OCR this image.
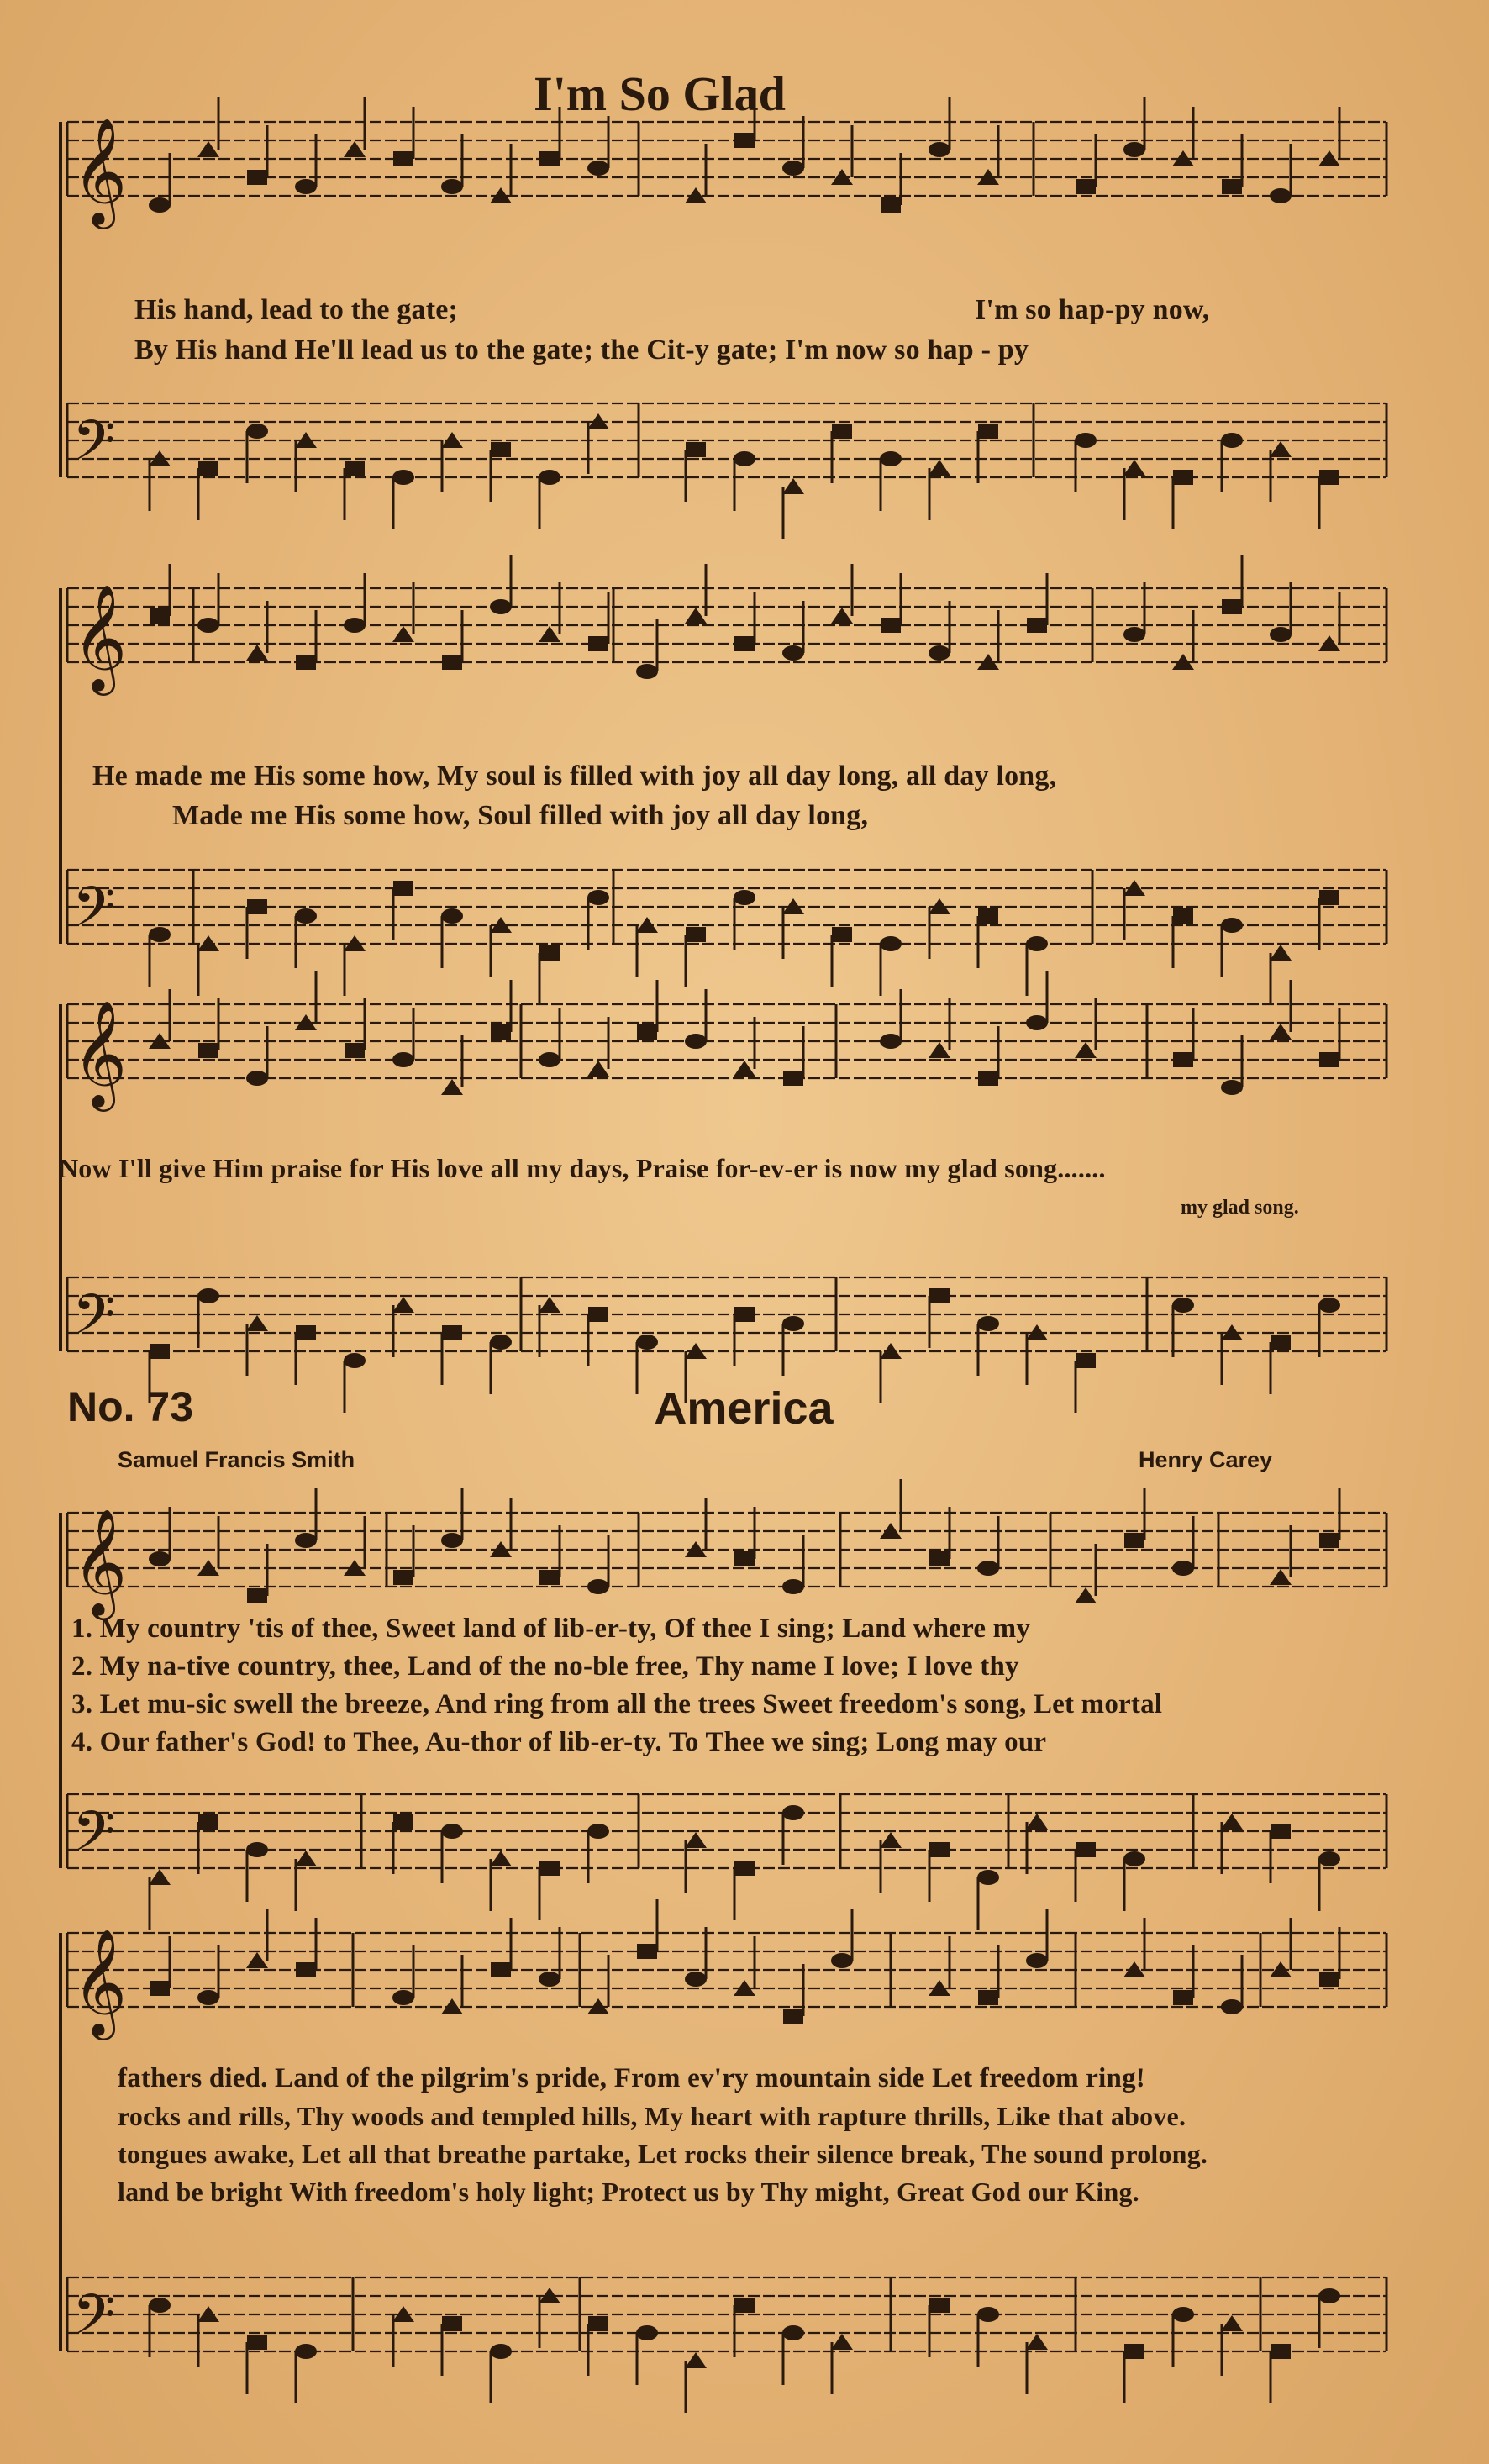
I'm So Glad
𝄞
𝄢
𝄞
𝄢
𝄞
𝄢
𝄞
𝄢
𝄞
𝄢
His hand, lead to the gate;	I'm so hap-py now,
By His hand He'll lead us to the gate; the Cit-y gate; I'm now so hap - py
He made me His some how, My soul is filled with joy all day long, all day long,
Made me His some how, Soul filled with joy all day long,
Now I'll give Him praise for His love all my days, Praise for-ev-er is now my glad song.......
my glad song.
No. 73	America
Samuel Francis Smith	Henry Carey
1. My country 'tis of thee, Sweet land of lib-er-ty, Of thee I sing; Land where my
2. My na-tive country, thee, Land of the no-ble free, Thy name I love; I love thy
3. Let mu-sic swell the breeze, And ring from all the trees Sweet freedom's song, Let mortal
4. Our father's God! to Thee, Au-thor of lib-er-ty. To Thee we sing; Long may our
fathers died. Land of the pilgrim's pride, From ev'ry mountain side Let freedom ring!
rocks and rills, Thy woods and templed hills, My heart with rapture thrills, Like that above.
tongues awake, Let all that breathe partake, Let rocks their silence break, The sound prolong.
land be bright With freedom's holy light; Protect us by Thy might, Great God our King.
